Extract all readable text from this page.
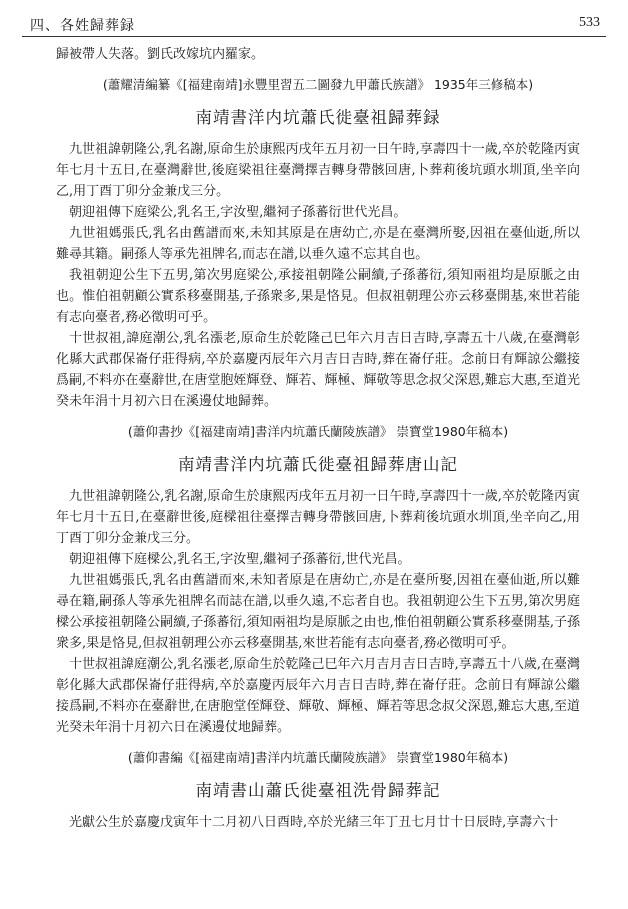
四、各姓歸葬録	533

歸被帶人失落。劉氏改嫁坑内羅家。

(蕭耀清編纂《[福建南靖]永豐里習五二圖發九甲蕭氏族譜》 1935年三修稿本)
南靖書洋内坑蕭氏徙臺祖歸葬録

九世祖諱朝隆公,乳名謝,原命生於康熙丙戌年五月初一日午時,享壽四十一歲,卒於乾隆丙寅年七月十五日,在臺灣辭世,後庭梁祖往臺灣擇吉轉身帶骸回唐,卜葬莉後坑頭水圳頂,坐辛向乙,用丁酉丁卯分金兼戊三分。

朝迎祖傳下庭梁公,乳名王,字汝聖,繼祠子孫蕃衍世代光昌。

九世祖媽張氏,乳名由舊譜而來,未知其原是在唐幼亡,亦是在臺灣所娶,因祖在臺仙逝,所以難尋其籍。嗣孫人等承先祖牌名,而志在譜,以垂久遠不忘其自也。

我祖朝迎公生下五男,第次男庭梁公,承接祖朝隆公嗣續,子孫蕃衍,須知兩祖均是原脈之由也。惟伯祖朝顧公實系移臺開基,子孫衆多,果是恪見。但叔祖朝理公亦云移臺開基,來世若能有志向臺者,務必徵明可乎。

十世叔祖,諱庭潮公,乳名漲老,原命生於乾隆己巳年六月吉日吉時,享壽五十八歲,在臺灣彰化縣大武郡保崙仔莊得病,卒於嘉慶丙辰年六月吉日吉時,葬在崙仔莊。念前日有輝諒公繼接爲嗣,不料亦在臺辭世,在唐堂胞姪輝登、輝若、輝極、輝敬等思念叔父深恩,難忘大惠,至道光癸未年涓十月初六日在溪邊仗地歸葬。

(蕭仰書抄《[福建南靖]書洋内坑蕭氏蘭陵族譜》 崇寶堂1980年稿本)
南靖書洋内坑蕭氏徙臺祖歸葬唐山記

九世祖諱朝隆公,乳名謝,原命生於康熙丙戌年五月初一日午時,享壽四十一歲,卒於乾隆丙寅年七月十五日,在臺辭世後,庭樑祖往臺擇吉轉身帶骸回唐,卜葬莉後坑頭水圳頂,坐辛向乙,用丁酉丁卯分金兼戊三分。

朝迎祖傳下庭樑公,乳名王,字汝聖,繼祠子孫蕃衍,世代光昌。

九世祖媽張氏,乳名由舊譜而來,未知者原是在唐幼亡,亦是在臺所娶,因祖在臺仙逝,所以難尋在籍,嗣孫人等承先祖牌名而誌在譜,以垂久遠,不忘者自也。我祖朝迎公生下五男,第次男庭樑公承接祖朝隆公嗣續,子孫蕃衍,須知兩祖均是原脈之由也,惟伯祖朝顧公實系移臺開基,子孫衆多,果是恪見,但叔祖朝理公亦云移臺開基,來世若能有志向臺者,務必徵明可乎。

十世叔祖諱庭潮公,乳名漲老,原命生於乾隆己巳年六月吉月吉日吉時,享壽五十八歲,在臺灣彰化縣大武郡保崙仔莊得病,卒於嘉慶丙辰年六月吉日吉時,葬在崙仔莊。念前日有輝諒公繼接爲嗣,不料亦在臺辭世,在唐胞堂侄輝登、輝敬、輝極、輝若等思念叔父深恩,難忘大惠,至道光癸未年涓十月初六日在溪邊仗地歸葬。

(蕭仰書編《[福建南靖]書洋内坑蕭氏蘭陵族譜》 崇寶堂1980年稿本)
南靖書山蕭氏徙臺祖洗骨歸葬記

光獻公生於嘉慶戊寅年十二月初八日酉時,卒於光緒三年丁丑七月廿十日辰時,享壽六十
